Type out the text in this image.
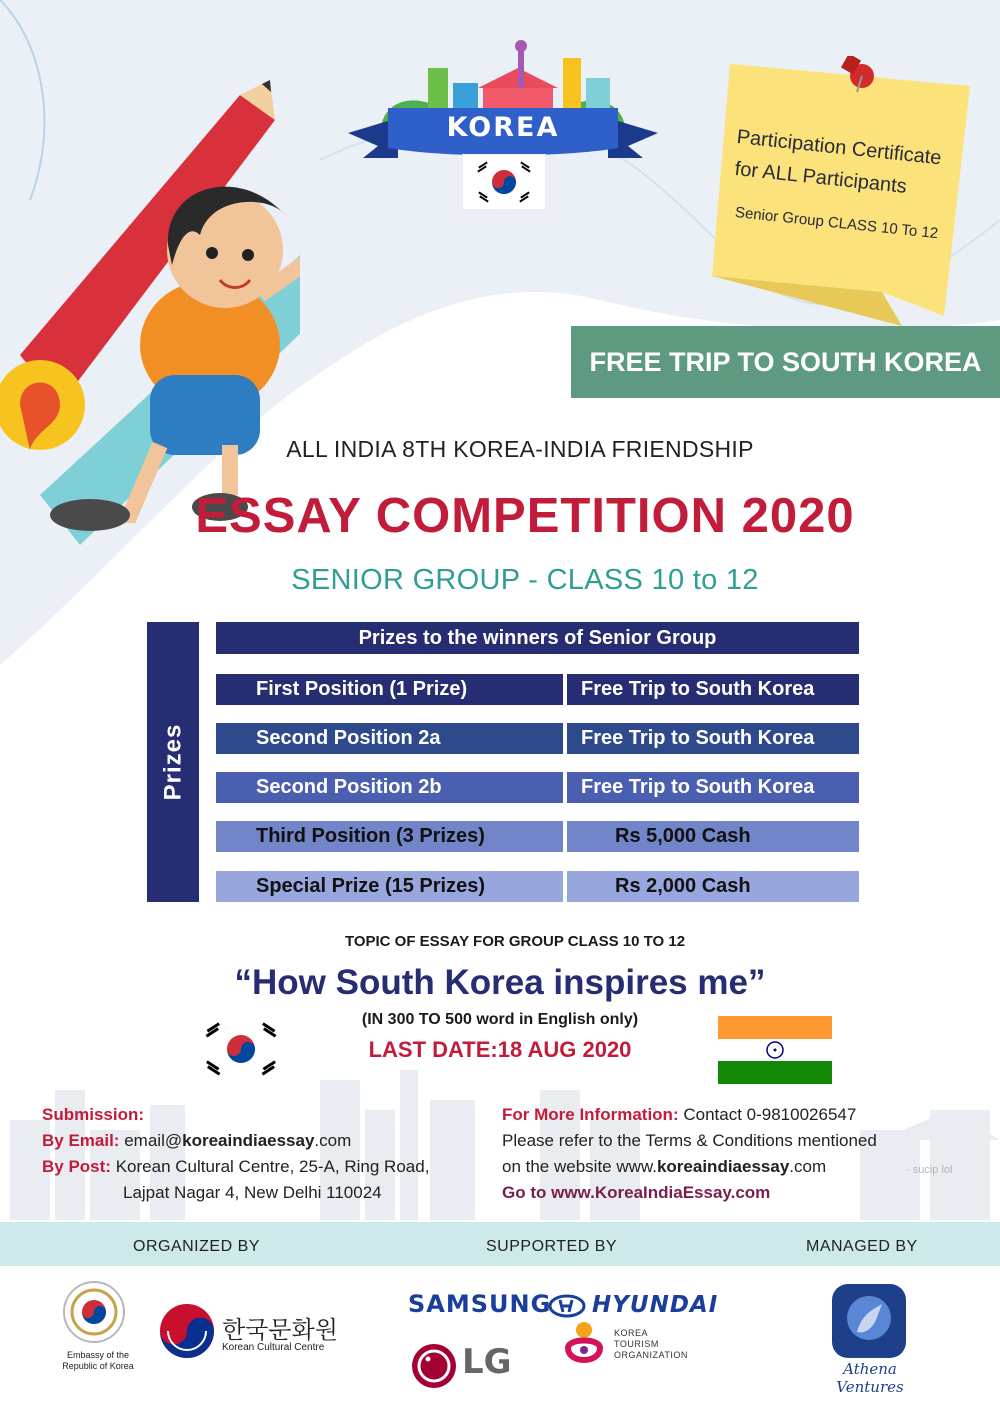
KOREA	Participation Certificate
for ALL Participants
Senior Group CLASS 10 To 12
FREE TRIP TO SOUTH KOREA
ALL INDIA 8TH KOREA-INDIA FRIENDSHIP
ESSAY COMPETITION 2020
SENIOR GROUP - CLASS 10 to 12
Prizes
Prizes to the winners of Senior Group
First Position (1 Prize)	Free Trip to South Korea
Second Position 2a	Free Trip to South Korea
Second Position 2b	Free Trip to South Korea
Third Position (3 Prizes)	Rs 5,000 Cash
Special Prize (15 Prizes)	Rs 2,000 Cash
TOPIC OF ESSAY FOR GROUP CLASS 10 TO 12
“How South Korea inspires me”
(IN 300 TO 500 word in English only)
LAST DATE:18 AUG 2020
Submission:
By Email: email@koreaindiaessay.com
By Post: Korean Cultural Centre, 25-A, Ring Road,
Lajpat Nagar 4, New Delhi 110024
For More Information: Contact 0-9810026547
Please refer to the Terms & Conditions mentioned
on the website www.koreaindiaessay.com
Go to www.KoreaIndiaEssay.com
· sucip lol
ORGANIZED BY	SUPPORTED BY	MANAGED BY
Embassy of the
Republic of Korea
한국문화원
Korean Cultural Centre
SAMSUNG HYUNDAI
LG
KOREA
TOURISM
ORGANIZATION
Athena Ventures
